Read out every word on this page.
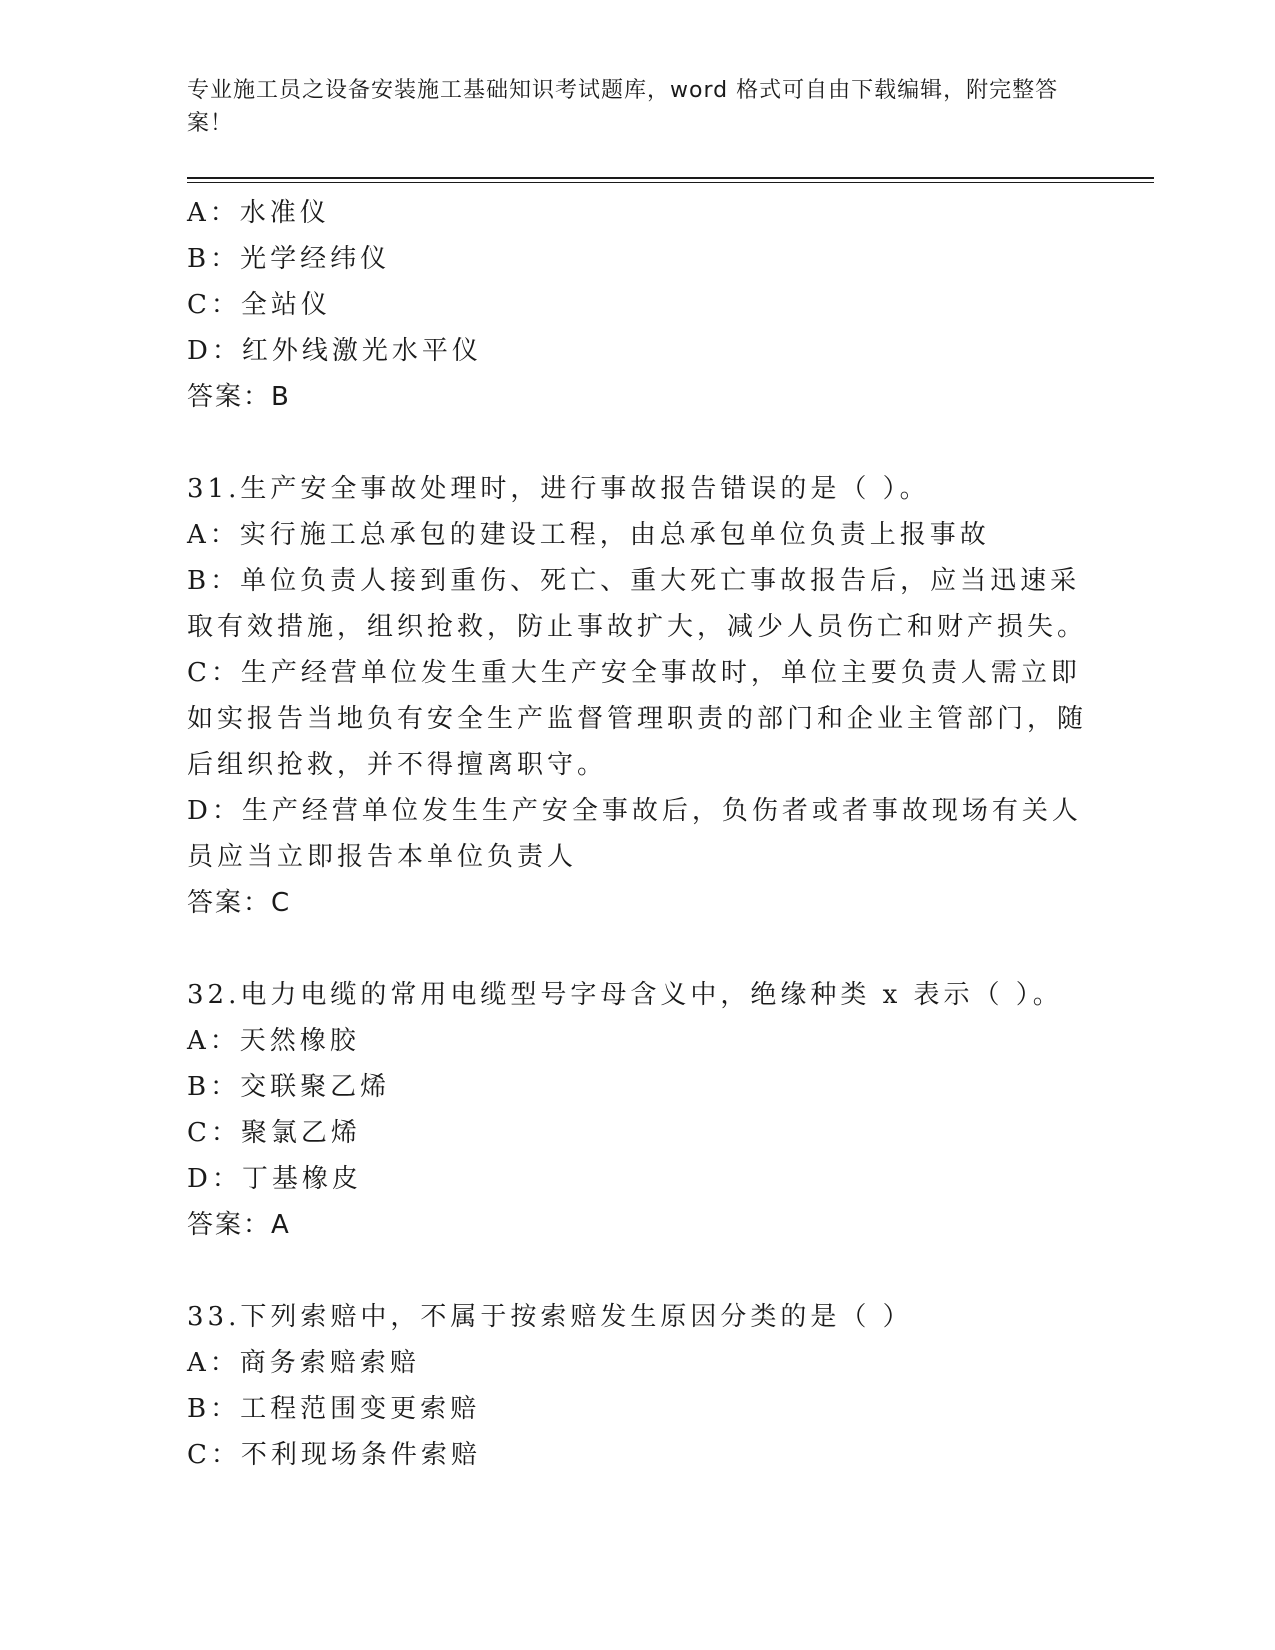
专业施工员之设备安装施工基础知识考试题库，word 格式可自由下载编辑，附完整答案！

A：水准仪

B：光学经纬仪

C：全站仪

D：红外线激光水平仪

答案：B

31.生产安全事故处理时，进行事故报告错误的是（ ）。

A：实行施工总承包的建设工程，由总承包单位负责上报事故

B：单位负责人接到重伤、死亡、重大死亡事故报告后，应当迅速采取有效措施，组织抢救，防止事故扩大，减少人员伤亡和财产损失。

C：生产经营单位发生重大生产安全事故时，单位主要负责人需立即如实报告当地负有安全生产监督管理职责的部门和企业主管部门，随后组织抢救，并不得擅离职守。

D：生产经营单位发生生产安全事故后，负伤者或者事故现场有关人员应当立即报告本单位负责人

答案：C

32.电力电缆的常用电缆型号字母含义中，绝缘种类 x 表示（ ）。

A：天然橡胶

B：交联聚乙烯

C：聚氯乙烯

D：丁基橡皮

答案：A

33.下列索赔中，不属于按索赔发生原因分类的是（ ）

A：商务索赔索赔

B：工程范围变更索赔

C：不利现场条件索赔
